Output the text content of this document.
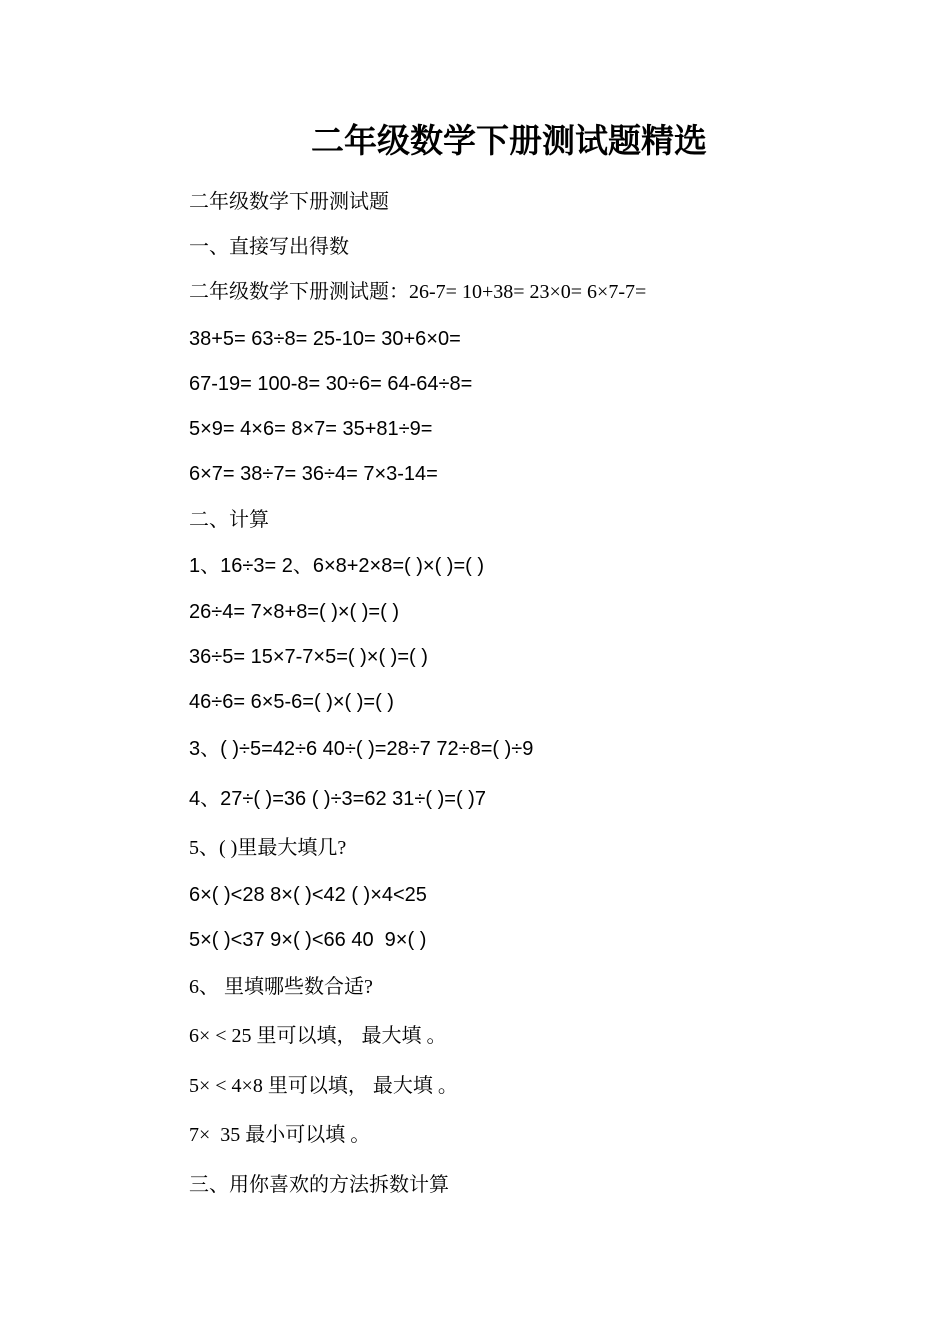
二年级数学下册测试题精选
二年级数学下册测试题
一、直接写出得数
二年级数学下册测试题：26-7= 10+38= 23×0= 6×7-7=
38+5= 63÷8= 25-10= 30+6×0=
67-19= 100-8= 30÷6= 64-64÷8=
5×9= 4×6= 8×7= 35+81÷9=
6×7= 38÷7= 36÷4= 7×3-14=
二、计算
1、16÷3= 2、6×8+2×8=( )×( )=( )
26÷4= 7×8+8=( )×( )=( )
36÷5= 15×7-7×5=( )×( )=( )
46÷6= 6×5-6=( )×( )=( )
3、( )÷5=42÷6 40÷( )=28÷7 72÷8=( )÷9
4、27÷( )=36 ( )÷3=62 31÷( )=( )7
5、( )里最大填几?
6×( )<28 8×( )<42 ( )×4<25
5×( )<37 9×( )<66 40  9×( )
6、 里填哪些数合适?
6× < 25 里可以填， 最大填 。
5× < 4×8 里可以填， 最大填 。
7×  35 最小可以填 。
三、用你喜欢的方法拆数计算
